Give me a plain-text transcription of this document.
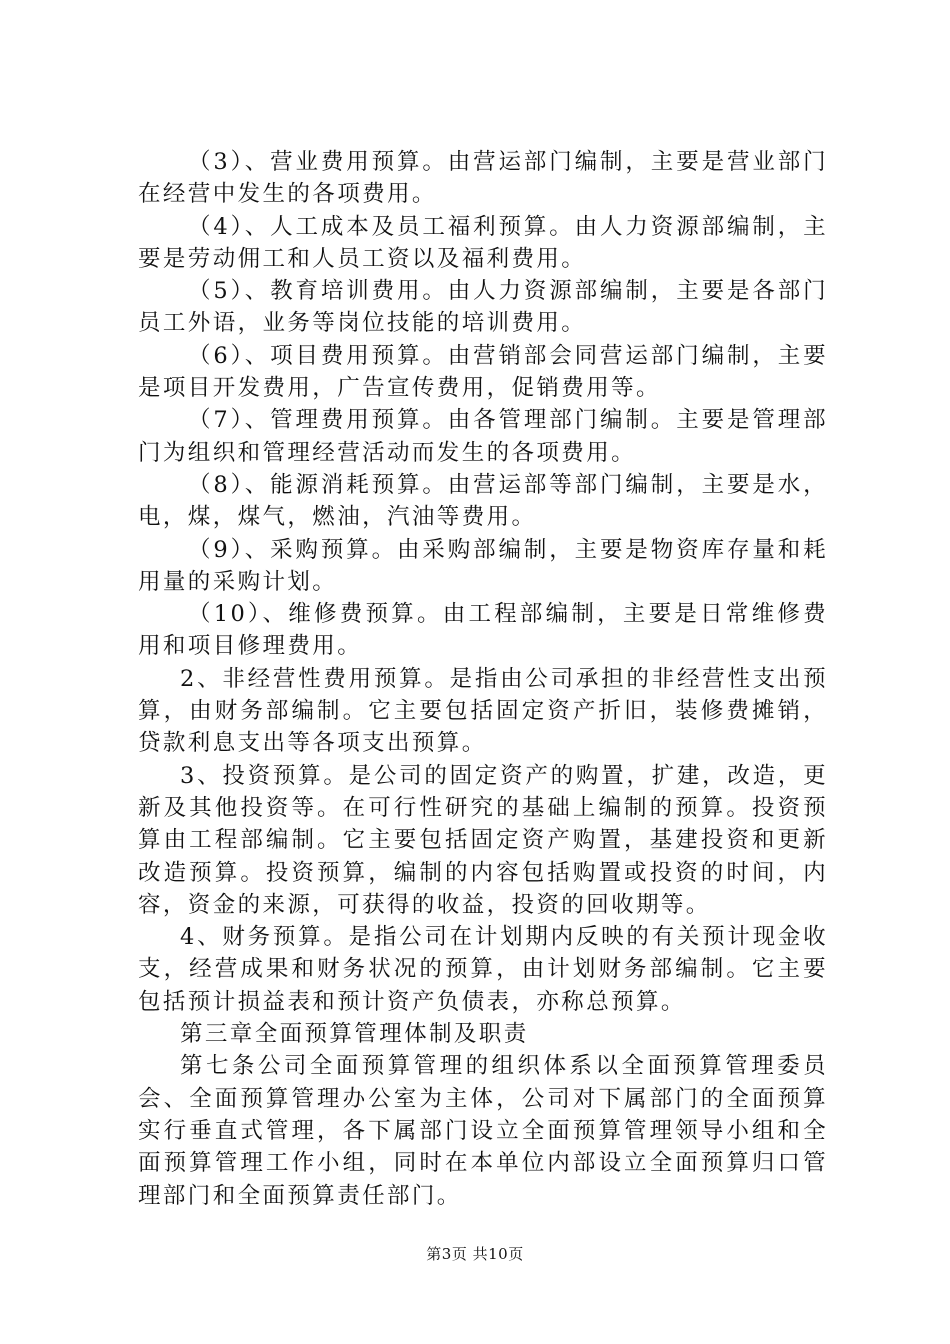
（3）、营业费用预算。由营运部门编制，主要是营业部门在经营中发生的各项费用。

（4）、人工成本及员工福利预算。由人力资源部编制，主要是劳动佣工和人员工资以及福利费用。

（5）、教育培训费用。由人力资源部编制，主要是各部门员工外语，业务等岗位技能的培训费用。

（6）、项目费用预算。由营销部会同营运部门编制，主要是项目开发费用，广告宣传费用，促销费用等。

（7）、管理费用预算。由各管理部门编制。主要是管理部门为组织和管理经营活动而发生的各项费用。

（8）、能源消耗预算。由营运部等部门编制，主要是水，电，煤，煤气，燃油，汽油等费用。

（9）、采购预算。由采购部编制，主要是物资库存量和耗用量的采购计划。

（10）、维修费预算。由工程部编制，主要是日常维修费用和项目修理费用。

2、非经营性费用预算。是指由公司承担的非经营性支出预算，由财务部编制。它主要包括固定资产折旧，装修费摊销，贷款利息支出等各项支出预算。

3、投资预算。是公司的固定资产的购置，扩建，改造，更新及其他投资等。在可行性研究的基础上编制的预算。投资预算由工程部编制。它主要包括固定资产购置，基建投资和更新改造预算。投资预算，编制的内容包括购置或投资的时间，内容，资金的来源，可获得的收益，投资的回收期等。

4、财务预算。是指公司在计划期内反映的有关预计现金收支，经营成果和财务状况的预算，由计划财务部编制。它主要包括预计损益表和预计资产负债表，亦称总预算。

第三章全面预算管理体制及职责

第七条公司全面预算管理的组织体系以全面预算管理委员会、全面预算管理办公室为主体，公司对下属部门的全面预算实行垂直式管理，各下属部门设立全面预算管理领导小组和全面预算管理工作小组，同时在本单位内部设立全面预算归口管理部门和全面预算责任部门。

第3页 共10页
